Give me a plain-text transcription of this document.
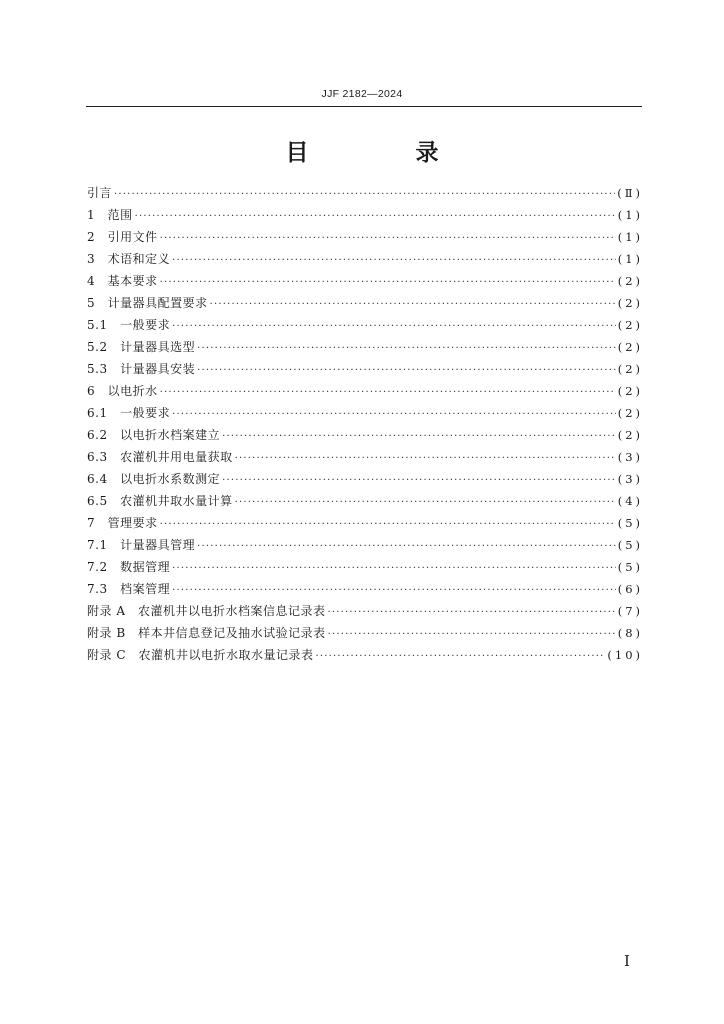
JJF 2182—2024
目　录
引言 ·····	(Ⅱ)
1　范围 ·····	(1)
2　引用文件 ·····	(1)
3　术语和定义 ·····	(1)
4　基本要求 ·····	(2)
5　计量器具配置要求 ·····	(2)
5.1　一般要求 ·····	(2)
5.2　计量器具选型 ·····	(2)
5.3　计量器具安装 ·····	(2)
6　以电折水 ·····	(2)
6.1　一般要求 ·····	(2)
6.2　以电折水档案建立 ·····	(2)
6.3　农灌机井用电量获取 ·····	(3)
6.4　以电折水系数测定 ·····	(3)
6.5　农灌机井取水量计算 ·····	(4)
7　管理要求 ·····	(5)
7.1　计量器具管理 ·····	(5)
7.2　数据管理 ·····	(5)
7.3　档案管理 ·····	(6)
附录 A　农灌机井以电折水档案信息记录表 ·····	(7)
附录 B　样本井信息登记及抽水试验记录表 ·····	(8)
附录 C　农灌机井以电折水取水量记录表 ·····	(10)
I
